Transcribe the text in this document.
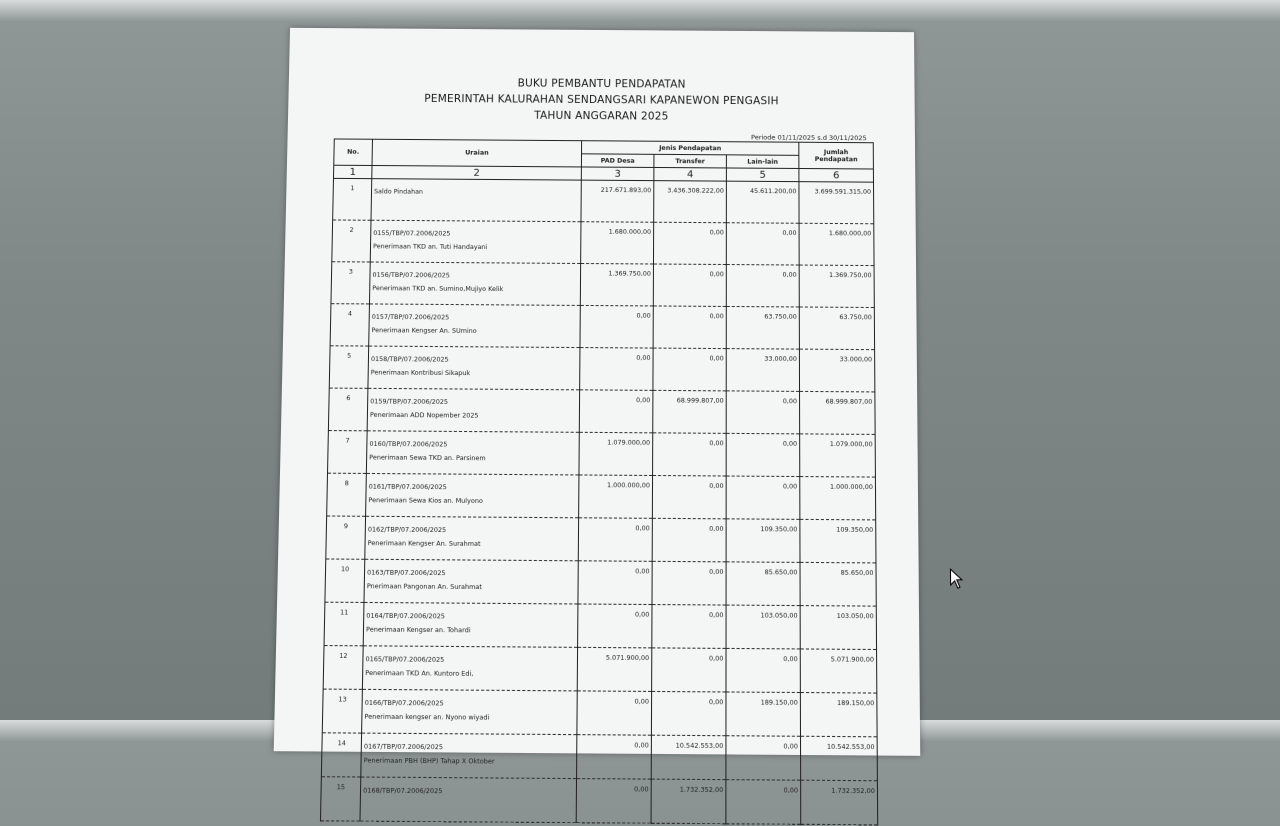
BUKU PEMBANTU PENDAPATAN
PEMERINTAH KALURAHAN SENDANGSARI KAPANEWON PENGASIH
TAHUN ANGGARAN 2025
Periode 01/11/2025 s.d 30/11/2025
No.	Uraian	Jenis Pendapatan			Jumlah
Pendapatan
		PAD Desa	Transfer	Lain-lain	
1	2	3	4	5	6
1	Saldo Pindahan	217.671.893,00	3.436.308.222,00	45.611.200,00	3.699.591.315,00
2	0155/TBP/07.2006/2025
Penerimaan TKD an. Tuti Handayani	1.680.000,00	0,00	0,00	1.680.000,00
3	0156/TBP/07.2006/2025
Penerimaan TKD an. Sumino,Mujiyo Kelik	1.369.750,00	0,00	0,00	1.369.750,00
4	0157/TBP/07.2006/2025
Penerimaan Kengser An. SUmino	0,00	0,00	63.750,00	63.750,00
5	0158/TBP/07.2006/2025
Penerimaan Kontribusi Sikapuk	0,00	0,00	33.000,00	33.000,00
6	0159/TBP/07.2006/2025
Penerimaan ADD Nopember 2025	0,00	68.999.807,00	0,00	68.999.807,00
7	0160/TBP/07.2006/2025
Penerimaan Sewa TKD an. Parsinem	1.079.000,00	0,00	0,00	1.079.000,00
8	0161/TBP/07.2006/2025
Penerimaan Sewa Kios an. Mulyono	1.000.000,00	0,00	0,00	1.000.000,00
9	0162/TBP/07.2006/2025
Penerimaan Kengser An. Surahmat	0,00	0,00	109.350,00	109.350,00
10	0163/TBP/07.2006/2025
Pnerimaan Pangonan An. Surahmat	0,00	0,00	85.650,00	85.650,00
11	0164/TBP/07.2006/2025
Penerimaan Kengser an. Tohardi	0,00	0,00	103.050,00	103.050,00
12	0165/TBP/07.2006/2025
Penerimaan TKD An. Kuntoro Edi,	5.071.900,00	0,00	0,00	5.071.900,00
13	0166/TBP/07.2006/2025
Penerimaan kengser an. Nyono wiyadi	0,00	0,00	189.150,00	189.150,00
14	0167/TBP/07.2006/2025
Penerimaan PBH (BHP) Tahap X Oktober	0,00	10.542.553,00	0,00	10.542.553,00
15	0168/TBP/07.2006/2025	0,00	1.732.352,00	0,00	1.732.352,00
